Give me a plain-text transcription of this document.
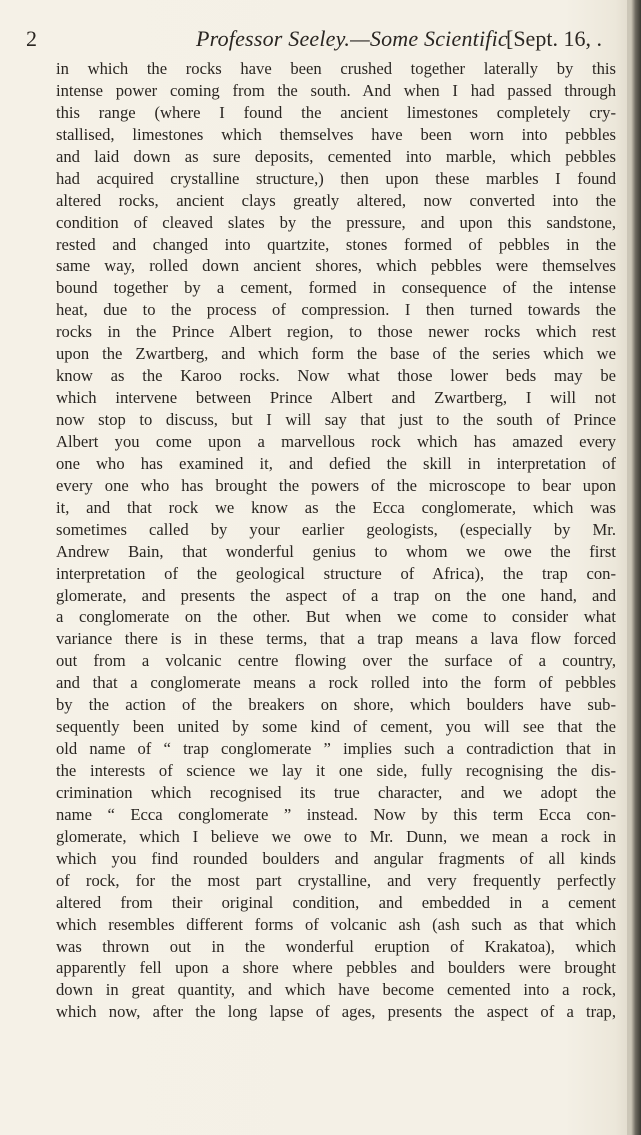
2	Professor Seeley.—Some Scientific
[Sept. 16, .
in which the rocks have been crushed together laterally by this
intense power coming from the south. And when I had passed through
this range (where I found the ancient limestones completely cry-
stallised, limestones which themselves have been worn into pebbles
and laid down as sure deposits, cemented into marble, which pebbles
had acquired crystalline structure,) then upon these marbles I found
altered rocks, ancient clays greatly altered, now converted into the
condition of cleaved slates by the pressure, and upon this sandstone,
rested and changed into quartzite, stones formed of pebbles in the
same way, rolled down ancient shores, which pebbles were themselves
bound together by a cement, formed in consequence of the intense
heat, due to the process of compression. I then turned towards the
rocks in the Prince Albert region, to those newer rocks which rest
upon the Zwartberg, and which form the base of the series which we
know as the Karoo rocks. Now what those lower beds may be
which intervene between Prince Albert and Zwartberg, I will not
now stop to discuss, but I will say that just to the south of Prince
Albert you come upon a marvellous rock which has amazed every
one who has examined it, and defied the skill in interpretation of
every one who has brought the powers of the microscope to bear upon
it, and that rock we know as the Ecca conglomerate, which was
sometimes called by your earlier geologists, (especially by Mr.
Andrew Bain, that wonderful genius to whom we owe the first
interpretation of the geological structure of Africa), the trap con-
glomerate, and presents the aspect of a trap on the one hand, and
a conglomerate on the other. But when we come to consider what
variance there is in these terms, that a trap means a lava flow forced
out from a volcanic centre flowing over the surface of a country,
and that a conglomerate means a rock rolled into the form of pebbles
by the action of the breakers on shore, which boulders have sub-
sequently been united by some kind of cement, you will see that the
old name of “ trap conglomerate ” implies such a contradiction that in
the interests of science we lay it one side, fully recognising the dis-
crimination which recognised its true character, and we adopt the
name “ Ecca conglomerate ” instead. Now by this term Ecca con-
glomerate, which I believe we owe to Mr. Dunn, we mean a rock in
which you find rounded boulders and angular fragments of all kinds
of rock, for the most part crystalline, and very frequently perfectly
altered from their original condition, and embedded in a cement
which resembles different forms of volcanic ash (ash such as that which
was thrown out in the wonderful eruption of Krakatoa), which
apparently fell upon a shore where pebbles and boulders were brought
down in great quantity, and which have become cemented into a rock,
which now, after the long lapse of ages, presents the aspect of a trap,
